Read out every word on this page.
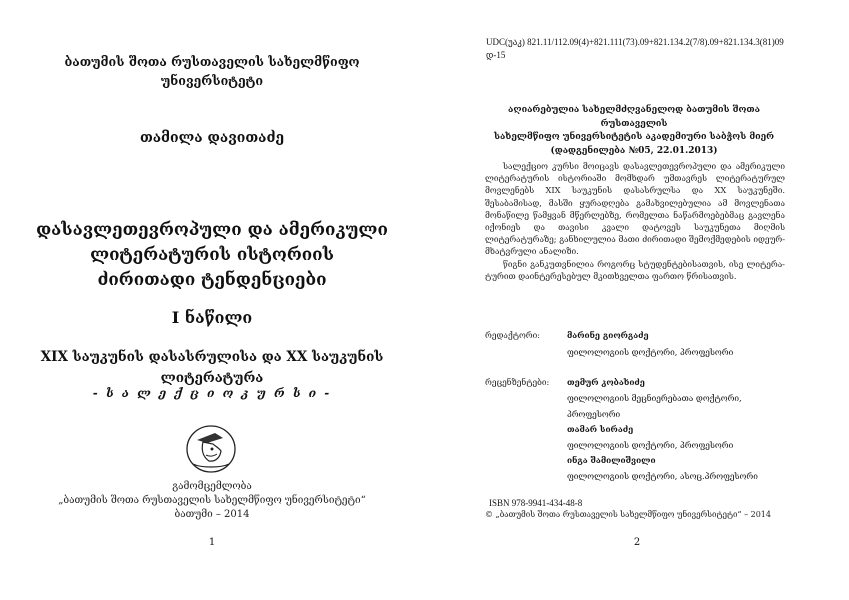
ბათუმის შოთა რუსთაველის სახელმწიფო
უნივერსიტეტი
თამილა დავითაძე
დასავლეთევროპული და ამერიკული
ლიტერატურის ისტორიის
ძირითადი ტენდენციები
I ნაწილი
XIX საუკუნის დასასრულისა და XX საუკუნის
ლიტერატურა
- ს ა ლ ე ქ ც ი ო კ უ რ ს ი -
გამომცემლობა
„ბათუმის შოთა რუსთაველის სახელმწიფო უნივერსიტეტი“
ბათუმი – 2014
1
UDC(უაკ) 821.11/112.09(4)+821.111(73).09+821.134.2(7/8).09+821.134.3(81)09
დ-15
აღიარებულია სახელმძღვანელოდ ბათუმის შოთა რუსთაველის
სახელმწიფო უნივერსიტეტის აკადემიური საბჭოს მიერ
(დადგენილება №05, 22.01.2013)

სალექციო კურსი მოიცავს დასავლეთევროპული და ამერიკული ლიტერატურის ისტორიაში მომხდარ უმთავრეს ლიტერატურულ მოვლენებს XIX საუკუნის დასასრულსა და XX საუკუნეში. შესაბამისად, მასში ყურადღება გამახვილებულია ამ მოვლენათა მონაწილე წამყვან მწერლებზე, რომელთა ნაწარმოებებმაც გავლენა იქონიეს და თავისი კვალი დატოვეს საუკუნეთა მიღმის ლიტერატურაზე; განხილულია მათი ძირითადი შემოქმედების იდეურ-მხატვრული ანალიზი.

წიგნი განკუთვნილია როგორც სტუდენტებისათვის, ისე ლიტერა-ტურით დაინტერესებულ მკითხველთა ფართო წრისათვის.

რედაქტორი:	მარინე გიორგაძე
ფილოლოგიის დოქტორი, პროფესორი
რეცენზენტები: თემურ კობახიძე
ფილოლოგიის მეცნიერებათა დოქტორი,
პროფესორი
თამარ სირაძე
ფილოლოგიის დოქტორი, პროფესორი
ინგა შამილიშვილი
ფილოლოგიის დოქტორი, ასოც.პროფესორი
ISBN 978-9941-434-48-8
© „ბათუმის შოთა რუსთაველის სახელმწიფო უნივერსიტეტი“ – 2014
2
